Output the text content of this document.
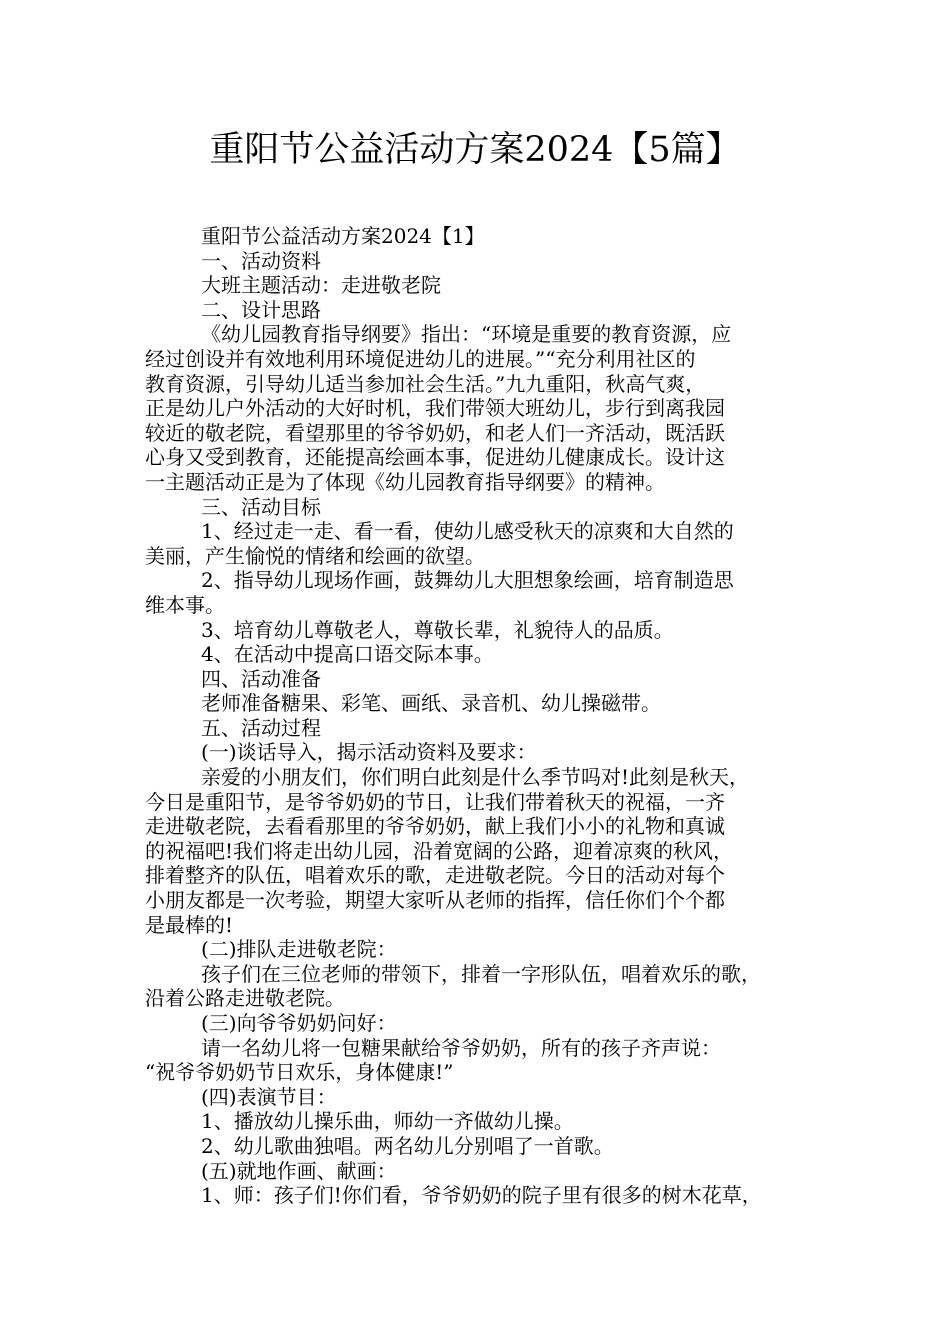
重阳节公益活动方案2024【5篇】
重阳节公益活动方案2024【1】
一、活动资料
大班主题活动：走进敬老院
二、设计思路
《幼儿园教育指导纲要》指出：“环境是重要的教育资源，应
经过创设并有效地利用环境促进幼儿的进展。”“充分利用社区的
教育资源，引导幼儿适当参加社会生活。”九九重阳，秋高气爽，
正是幼儿户外活动的大好时机，我们带领大班幼儿，步行到离我园
较近的敬老院，看望那里的爷爷奶奶，和老人们一齐活动，既活跃
心身又受到教育，还能提高绘画本事，促进幼儿健康成长。设计这
一主题活动正是为了体现《幼儿园教育指导纲要》的精神。
三、活动目标
1、经过走一走、看一看，使幼儿感受秋天的凉爽和大自然的
美丽，产生愉悦的情绪和绘画的欲望。
2、指导幼儿现场作画，鼓舞幼儿大胆想象绘画，培育制造思
维本事。
3、培育幼儿尊敬老人，尊敬长辈，礼貌待人的品质。
4、在活动中提高口语交际本事。
四、活动准备
老师准备糖果、彩笔、画纸、录音机、幼儿操磁带。
五、活动过程
(一)谈话导入，揭示活动资料及要求：
亲爱的小朋友们，你们明白此刻是什么季节吗对!此刻是秋天，
今日是重阳节，是爷爷奶奶的节日，让我们带着秋天的祝福，一齐
走进敬老院，去看看那里的爷爷奶奶，献上我们小小的礼物和真诚
的祝福吧!我们将走出幼儿园，沿着宽阔的公路，迎着凉爽的秋风，
排着整齐的队伍，唱着欢乐的歌，走进敬老院。今日的活动对每个
小朋友都是一次考验，期望大家听从老师的指挥，信任你们个个都
是最棒的!
(二)排队走进敬老院：
孩子们在三位老师的带领下，排着一字形队伍，唱着欢乐的歌，
沿着公路走进敬老院。
(三)向爷爷奶奶问好：
请一名幼儿将一包糖果献给爷爷奶奶，所有的孩子齐声说：
“祝爷爷奶奶节日欢乐，身体健康!”
(四)表演节目：
1、播放幼儿操乐曲，师幼一齐做幼儿操。
2、幼儿歌曲独唱。两名幼儿分别唱了一首歌。
(五)就地作画、献画：
1、师：孩子们!你们看，爷爷奶奶的院子里有很多的树木花草，
